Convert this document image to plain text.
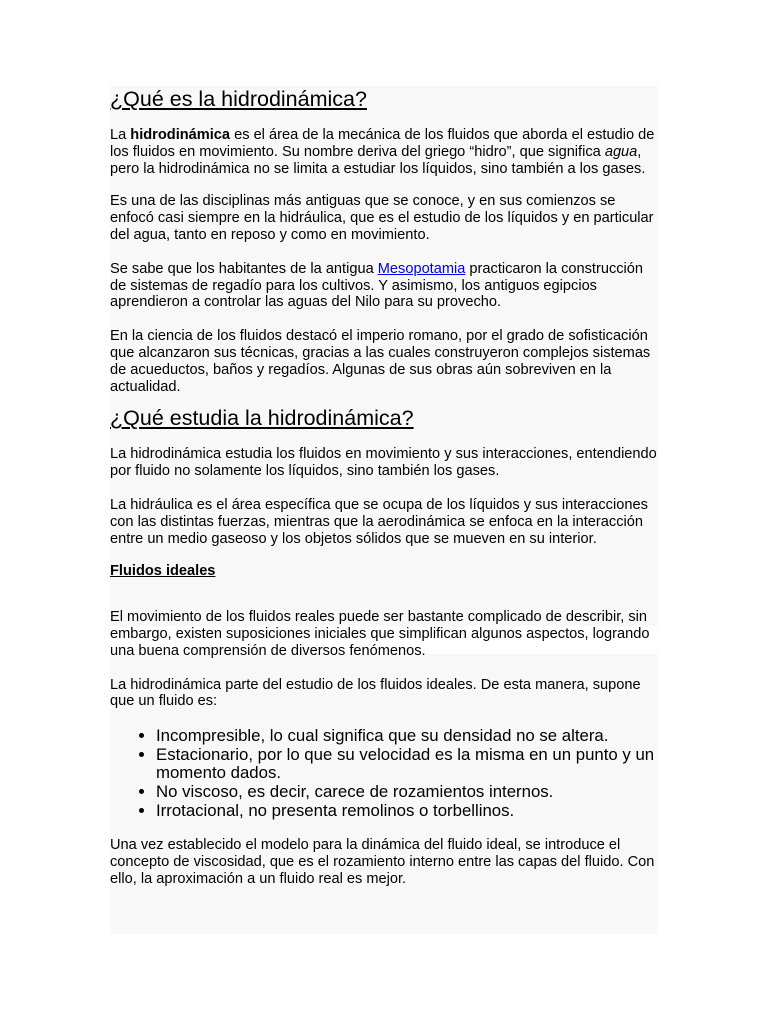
¿Qué es la hidrodinámica?

La hidrodinámica es el área de la mecánica de los fluidos que aborda el estudio de los fluidos en movimiento. Su nombre deriva del griego “hidro”, que significa agua, pero la hidrodinámica no se limita a estudiar los líquidos, sino también a los gases.

Es una de las disciplinas más antiguas que se conoce, y en sus comienzos se enfocó casi siempre en la hidráulica, que es el estudio de los líquidos y en particular del agua, tanto en reposo y como en movimiento.

Se sabe que los habitantes de la antigua Mesopotamia practicaron la construcción de sistemas de regadío para los cultivos. Y asimismo, los antiguos egipcios aprendieron a controlar las aguas del Nilo para su provecho.

En la ciencia de los fluidos destacó el imperio romano, por el grado de sofisticación que alcanzaron sus técnicas, gracias a las cuales construyeron complejos sistemas de acueductos, baños y regadíos. Algunas de sus obras aún sobreviven en la actualidad.

¿Qué estudia la hidrodinámica?

La hidrodinámica estudia los fluidos en movimiento y sus interacciones, entendiendo por fluido no solamente los líquidos, sino también los gases.

La hidráulica es el área específica que se ocupa de los líquidos y sus interacciones con las distintas fuerzas, mientras que la aerodinámica se enfoca en la interacción entre un medio gaseoso y los objetos sólidos que se mueven en su interior.

Fluidos ideales

El movimiento de los fluidos reales puede ser bastante complicado de describir, sin embargo, existen suposiciones iniciales que simplifican algunos aspectos, logrando una buena comprensión de diversos fenómenos.

La hidrodinámica parte del estudio de los fluidos ideales. De esta manera, supone que un fluido es:

• Incompresible, lo cual significa que su densidad no se altera.
• Estacionario, por lo que su velocidad es la misma en un punto y un momento dados.
• No viscoso, es decir, carece de rozamientos internos.
• Irrotacional, no presenta remolinos o torbellinos.

Una vez establecido el modelo para la dinámica del fluido ideal, se introduce el concepto de viscosidad, que es el rozamiento interno entre las capas del fluido. Con ello, la aproximación a un fluido real es mejor.
